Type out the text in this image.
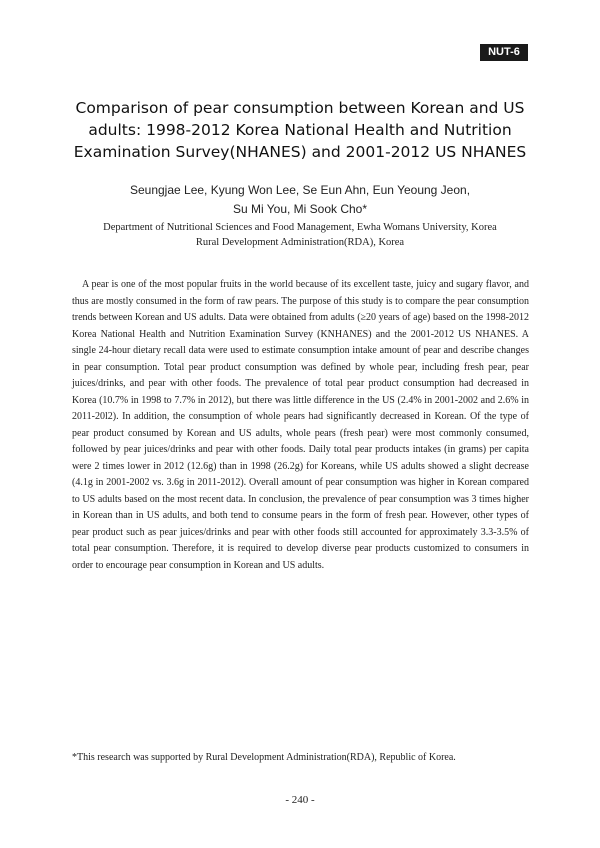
NUT-6
Comparison of pear consumption between Korean and US
adults: 1998-2012 Korea National Health and Nutrition
Examination Survey(NHANES) and 2001-2012 US NHANES
Seungjae Lee, Kyung Won Lee, Se Eun Ahn, Eun Yeoung Jeon,
Su Mi You, Mi Sook Cho*
Department of Nutritional Sciences and Food Management, Ewha Womans University, Korea
Rural Development Administration(RDA), Korea

A pear is one of the most popular fruits in the world because of its excellent taste, juicy and sugary flavor, and thus are mostly consumed in the form of raw pears. The purpose of this study is to compare the pear consumption trends between Korean and US adults. Data were obtained from adults (≥20 years of age) based on the 1998-2012 Korea National Health and Nutrition Examination Survey (KNHANES) and the 2001-2012 US NHANES. A single 24-hour dietary recall data were used to estimate consumption intake amount of pear and describe changes in pear consumption. Total pear product consumption was defined by whole pear, including fresh pear, pear juices/drinks, and pear with other foods. The prevalence of total pear product consumption had decreased in Korea (10.7% in 1998 to 7.7% in 2012), but there was little difference in the US (2.4% in 2001-2002 and 2.6% in 2011-20l2). In addition, the consumption of whole pears had significantly decreased in Korean. Of the type of pear product consumed by Korean and US adults, whole pears (fresh pear) were most commonly consumed, followed by pear juices/drinks and pear with other foods. Daily total pear products intakes (in grams) per capita were 2 times lower in 2012 (12.6g) than in 1998 (26.2g) for Koreans, while US adults showed a slight decrease (4.1g in 2001-2002 vs. 3.6g in 2011-2012). Overall amount of pear consumption was higher in Korean compared to US adults based on the most recent data. In conclusion, the prevalence of pear consumption was 3 times higher in Korean than in US adults, and both tend to consume pears in the form of fresh pear. However, other types of pear product such as pear juices/drinks and pear with other foods still accounted for approximately 3.3-3.5% of total pear consumption. Therefore, it is required to develop diverse pear products customized to consumers in order to encourage pear consumption in Korean and US adults.

*This research was supported by Rural Development Administration(RDA), Republic of Korea.
- 240 -
